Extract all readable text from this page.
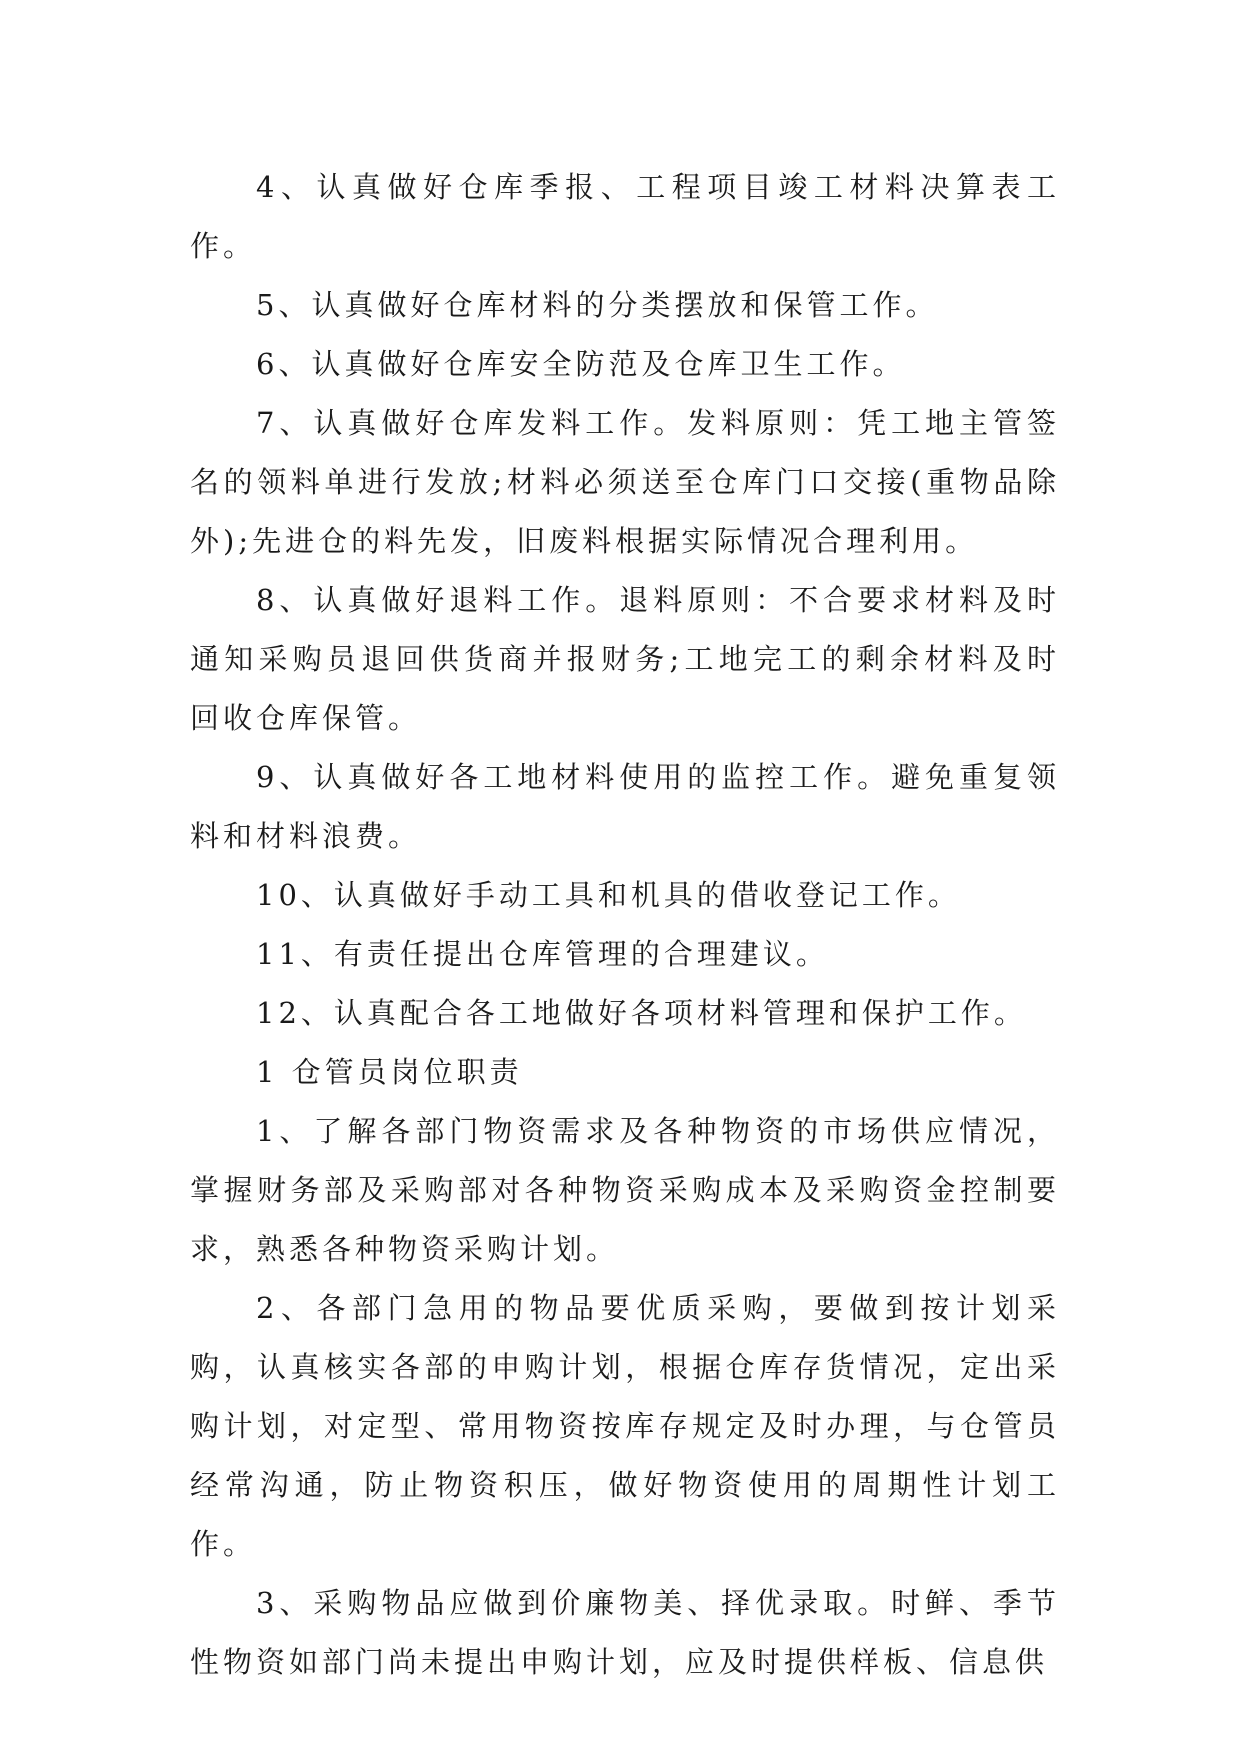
4、认真做好仓库季报、工程项目竣工材料决算表工作。

5、认真做好仓库材料的分类摆放和保管工作。

6、认真做好仓库安全防范及仓库卫生工作。

7、认真做好仓库发料工作。发料原则：凭工地主管签名的领料单进行发放;材料必须送至仓库门口交接(重物品除外);先进仓的料先发，旧废料根据实际情况合理利用。

8、认真做好退料工作。退料原则：不合要求材料及时通知采购员退回供货商并报财务;工地完工的剩余材料及时回收仓库保管。

9、认真做好各工地材料使用的监控工作。避免重复领料和材料浪费。

10、认真做好手动工具和机具的借收登记工作。

11、有责任提出仓库管理的合理建议。

12、认真配合各工地做好各项材料管理和保护工作。

1 仓管员岗位职责

1、了解各部门物资需求及各种物资的市场供应情况，掌握财务部及采购部对各种物资采购成本及采购资金控制要求，熟悉各种物资采购计划。

2、各部门急用的物品要优质采购，要做到按计划采购，认真核实各部的申购计划，根据仓库存货情况，定出采购计划，对定型、常用物资按库存规定及时办理，与仓管员经常沟通，防止物资积压，做好物资使用的周期性计划工作。

3、采购物品应做到价廉物美、择优录取。时鲜、季节性物资如部门尚未提出申购计划，应及时提供样板、信息供
